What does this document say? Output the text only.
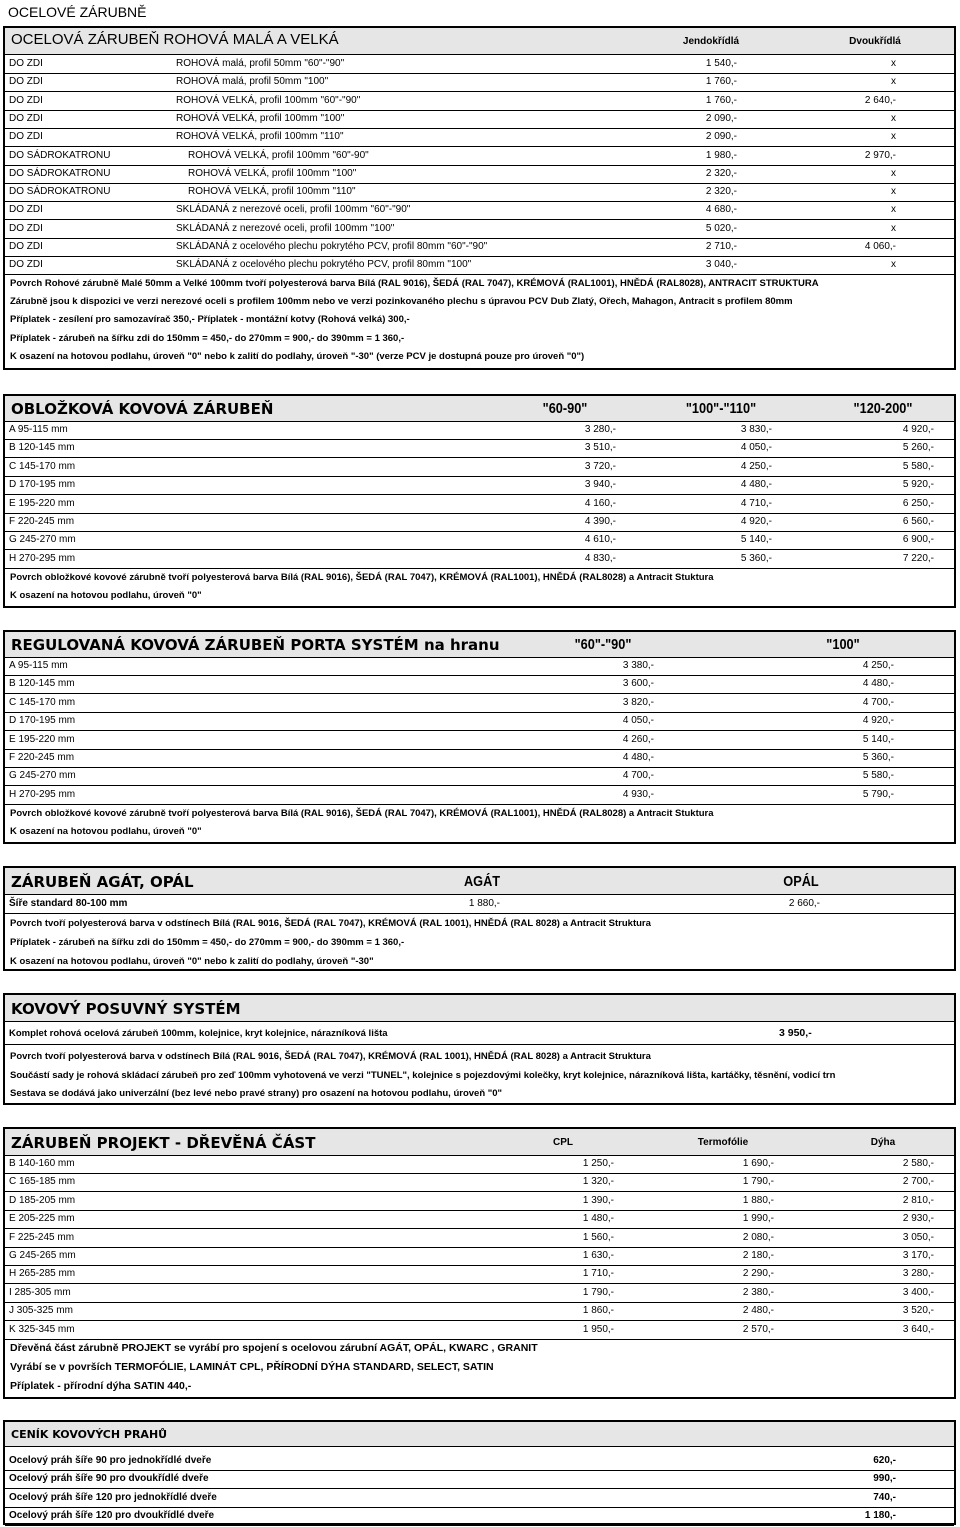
OCELOVÉ ZÁRUBNĚ
OCELOVÁ ZÁRUBEŇ ROHOVÁ MALÁ A VELKÁ	Jendokřídlá	Dvoukřídlá
DO ZDI	ROHOVÁ malá, profil 50mm "60"-"90"	1 540,-	x
DO ZDI	ROHOVÁ malá, profil 50mm "100"	1 760,-	x
DO ZDI	ROHOVÁ VELKÁ, profil 100mm "60"-"90"	1 760,-	2 640,-
DO ZDI	ROHOVÁ VELKÁ, profil 100mm "100"	2 090,-	x
DO ZDI	ROHOVÁ VELKÁ, profil 100mm "110"	2 090,-	x
DO SÁDROKATRONU	ROHOVÁ VELKÁ, profil 100mm "60"-90"	1 980,-	2 970,-
DO SÁDROKATRONU	ROHOVÁ VELKÁ, profil 100mm "100"	2 320,-	x
DO SÁDROKATRONU	ROHOVÁ VELKÁ, profil 100mm "110"	2 320,-	x
DO ZDI	SKLÁDANÁ z nerezové oceli, profil 100mm "60"-"90"	4 680,-	x
DO ZDI	SKLÁDANÁ z nerezové oceli, profil 100mm "100"	5 020,-	x
DO ZDI	SKLÁDANÁ z ocelového plechu pokrytého PCV, profil 80mm "60"-"90"	2 710,-	4 060,-
DO ZDI	SKLÁDANÁ z ocelového plechu pokrytého PCV, profil 80mm "100"	3 040,-	x
Povrch Rohové zárubně Malé 50mm a Velké 100mm tvoří polyesterová barva Bílá (RAL 9016), ŠEDÁ (RAL 7047), KRÉMOVÁ (RAL1001), HNĚDÁ (RAL8028), ANTRACIT STRUKTURA
Zárubně jsou k dispozici ve verzi nerezové oceli s profilem 100mm nebo ve verzi pozinkovaného plechu s úpravou PCV Dub Zlatý, Ořech, Mahagon, Antracit s profilem 80mm
Příplatek - zesílení pro samozavírač 350,- Příplatek - montážní kotvy (Rohová velká) 300,-
Příplatek - zárubeň na šířku zdi do 150mm = 450,- do 270mm = 900,- do 390mm = 1 360,-
K osazení na hotovou podlahu, úroveň "0" nebo k zalití do podlahy, úroveň "-30" (verze PCV je dostupná pouze pro úroveň "0")
OBLOŽKOVÁ KOVOVÁ ZÁRUBEŇ	"60-90"	"100"-"110"	"120-200"
A 95-115 mm	3 280,-	3 830,-	4 920,-
B 120-145 mm	3 510,-	4 050,-	5 260,-
C 145-170 mm	3 720,-	4 250,-	5 580,-
D 170-195 mm	3 940,-	4 480,-	5 920,-
E 195-220 mm	4 160,-	4 710,-	6 250,-
F 220-245 mm	4 390,-	4 920,-	6 560,-
G 245-270 mm	4 610,-	5 140,-	6 900,-
H 270-295 mm	4 830,-	5 360,-	7 220,-
Povrch obložkové kovové zárubně tvoří polyesterová barva Bílá (RAL 9016), ŠEDÁ (RAL 7047), KRÉMOVÁ (RAL1001), HNĚDÁ (RAL8028) a Antracit Stuktura
K osazení na hotovou podlahu, úroveň "0"
REGULOVANÁ KOVOVÁ ZÁRUBEŇ PORTA SYSTÉM na hranu	"60"-"90"	"100"
A 95-115 mm	3 380,-	4 250,-
B 120-145 mm	3 600,-	4 480,-
C 145-170 mm	3 820,-	4 700,-
D 170-195 mm	4 050,-	4 920,-
E 195-220 mm	4 260,-	5 140,-
F 220-245 mm	4 480,-	5 360,-
G 245-270 mm	4 700,-	5 580,-
H 270-295 mm	4 930,-	5 790,-
Povrch obložkové kovové zárubně tvoří polyesterová barva Bílá (RAL 9016), ŠEDÁ (RAL 7047), KRÉMOVÁ (RAL1001), HNĚDÁ (RAL8028) a Antracit Stuktura
K osazení na hotovou podlahu, úroveň "0"
ZÁRUBEŇ AGÁT, OPÁL	AGÁT	OPÁL
Šíře standard 80-100 mm	1 880,-	2 660,-
Povrch tvoří polyesterová barva v odstínech Bílá (RAL 9016, ŠEDÁ (RAL 7047), KRÉMOVÁ (RAL 1001), HNĚDÁ (RAL 8028) a Antracit Struktura
Příplatek - zárubeň na šířku zdi do 150mm = 450,- do 270mm = 900,- do 390mm = 1 360,-
K osazení na hotovou podlahu, úroveň "0" nebo k zalití do podlahy, úroveň "-30"
KOVOVÝ POSUVNÝ SYSTÉM
Komplet rohová ocelová zárubeň 100mm, kolejnice, kryt kolejnice, nárazníková lišta	3 950,-
Povrch tvoří polyesterová barva v odstínech Bílá (RAL 9016, ŠEDÁ (RAL 7047), KRÉMOVÁ (RAL 1001), HNĚDÁ (RAL 8028) a Antracit Struktura
Součástí sady je rohová skládací zárubeň pro zeď 100mm vyhotovená ve verzi "TUNEL", kolejnice s pojezdovými kolečky, kryt kolejnice, nárazníková lišta, kartáčky, těsnění, vodicí trn
Sestava se dodává jako univerzální (bez levé nebo pravé strany) pro osazení na hotovou podlahu, úroveň "0"
ZÁRUBEŇ PROJEKT - DŘEVĚNÁ ČÁST	CPL	Termofólie	Dýha
B 140-160 mm	1 250,-	1 690,-	2 580,-
C 165-185 mm	1 320,-	1 790,-	2 700,-
D 185-205 mm	1 390,-	1 880,-	2 810,-
E 205-225 mm	1 480,-	1 990,-	2 930,-
F 225-245 mm	1 560,-	2 080,-	3 050,-
G 245-265 mm	1 630,-	2 180,-	3 170,-
H 265-285 mm	1 710,-	2 290,-	3 280,-
I 285-305 mm	1 790,-	2 380,-	3 400,-
J 305-325 mm	1 860,-	2 480,-	3 520,-
K 325-345 mm	1 950,-	2 570,-	3 640,-
Dřevěná část zárubně PROJEKT se vyrábí pro spojení s ocelovou zárubní AGÁT, OPÁL, KWARC , GRANIT
Vyrábí se v površích TERMOFÓLIE, LAMINÁT CPL, PŘÍRODNÍ DÝHA STANDARD, SELECT, SATIN
Příplatek - přírodní dýha SATIN 440,-
CENÍK KOVOVÝCH PRAHŮ
Ocelový práh šíře 90 pro jednokřídlé dveře	620,-
Ocelový práh šíře 90 pro dvoukřídlé dveře	990,-
Ocelový práh šíře 120 pro jednokřídlé dveře	740,-
Ocelový práh šíře 120 pro dvoukřídlé dveře	1 180,-
